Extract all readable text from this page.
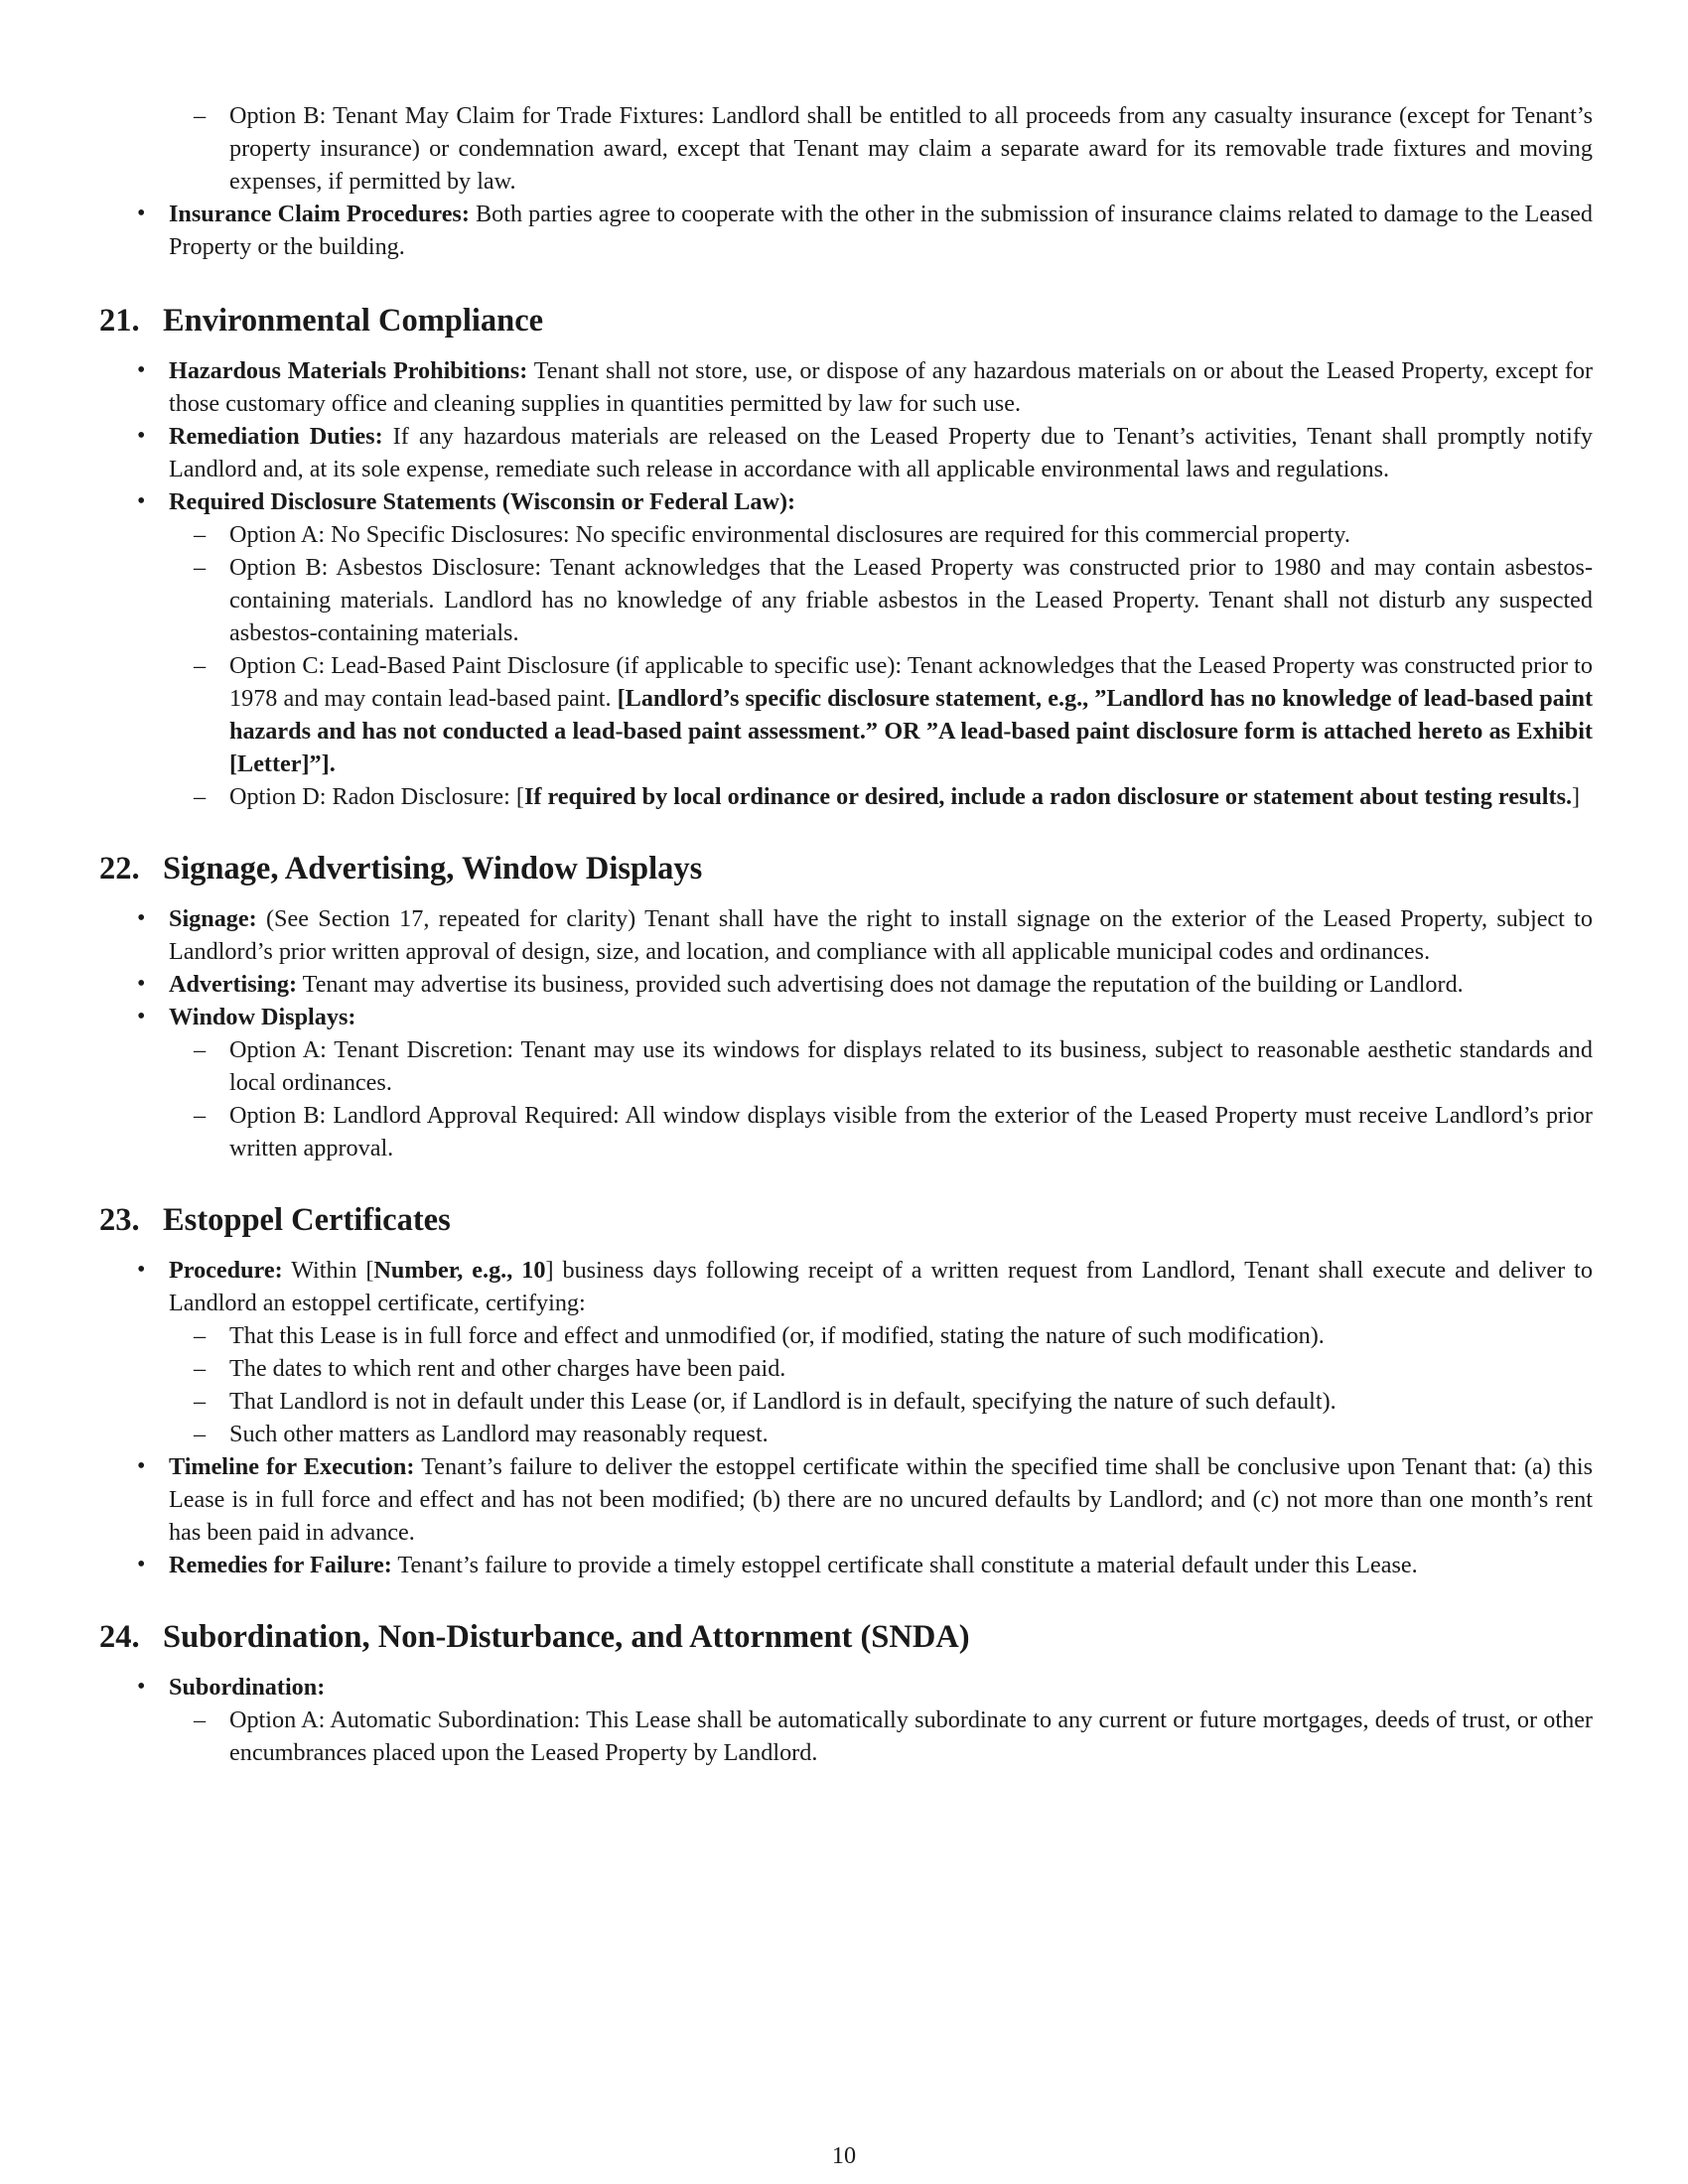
– Option B: Tenant May Claim for Trade Fixtures: Landlord shall be entitled to all proceeds from any casualty insurance (except for Tenant’s property insurance) or condemnation award, except that Tenant may claim a separate award for its removable trade fixtures and moving expenses, if permitted by law.
• Insurance Claim Procedures: Both parties agree to cooperate with the other in the submission of insurance claims related to damage to the Leased Property or the building.
21. Environmental Compliance
• Hazardous Materials Prohibitions: Tenant shall not store, use, or dispose of any hazardous materials on or about the Leased Property, except for those customary office and cleaning supplies in quantities permitted by law for such use.
• Remediation Duties: If any hazardous materials are released on the Leased Property due to Tenant’s activities, Tenant shall promptly notify Landlord and, at its sole expense, remediate such release in accordance with all applicable environmental laws and regulations.
• Required Disclosure Statements (Wisconsin or Federal Law):
– Option A: No Specific Disclosures: No specific environmental disclosures are required for this commercial property.
– Option B: Asbestos Disclosure: Tenant acknowledges that the Leased Property was constructed prior to 1980 and may contain asbestos-containing materials. Landlord has no knowledge of any friable asbestos in the Leased Property. Tenant shall not disturb any suspected asbestos-containing materials.
– Option C: Lead-Based Paint Disclosure (if applicable to specific use): Tenant acknowledges that the Leased Property was constructed prior to 1978 and may contain lead-based paint. [Landlord’s specific disclosure statement, e.g., ”Landlord has no knowledge of lead-based paint hazards and has not conducted a lead-based paint assessment.” OR ”A lead-based paint disclosure form is attached hereto as Exhibit [Letter]”].
– Option D: Radon Disclosure: [If required by local ordinance or desired, include a radon disclosure or statement about testing results.]
22. Signage, Advertising, Window Displays
• Signage: (See Section 17, repeated for clarity) Tenant shall have the right to install signage on the exterior of the Leased Property, subject to Landlord’s prior written approval of design, size, and location, and compliance with all applicable municipal codes and ordinances.
• Advertising: Tenant may advertise its business, provided such advertising does not damage the reputation of the building or Landlord.
• Window Displays:
– Option A: Tenant Discretion: Tenant may use its windows for displays related to its business, subject to reasonable aesthetic standards and local ordinances.
– Option B: Landlord Approval Required: All window displays visible from the exterior of the Leased Property must receive Landlord’s prior written approval.
23. Estoppel Certificates
• Procedure: Within [Number, e.g., 10] business days following receipt of a written request from Landlord, Tenant shall execute and deliver to Landlord an estoppel certificate, certifying:
– That this Lease is in full force and effect and unmodified (or, if modified, stating the nature of such modification).
– The dates to which rent and other charges have been paid.
– That Landlord is not in default under this Lease (or, if Landlord is in default, specifying the nature of such default).
– Such other matters as Landlord may reasonably request.
• Timeline for Execution: Tenant’s failure to deliver the estoppel certificate within the specified time shall be conclusive upon Tenant that: (a) this Lease is in full force and effect and has not been modified; (b) there are no uncured defaults by Landlord; and (c) not more than one month’s rent has been paid in advance.
• Remedies for Failure: Tenant’s failure to provide a timely estoppel certificate shall constitute a material default under this Lease.
24. Subordination, Non-Disturbance, and Attornment (SNDA)
• Subordination:
– Option A: Automatic Subordination: This Lease shall be automatically subordinate to any current or future mortgages, deeds of trust, or other encumbrances placed upon the Leased Property by Landlord.
10
